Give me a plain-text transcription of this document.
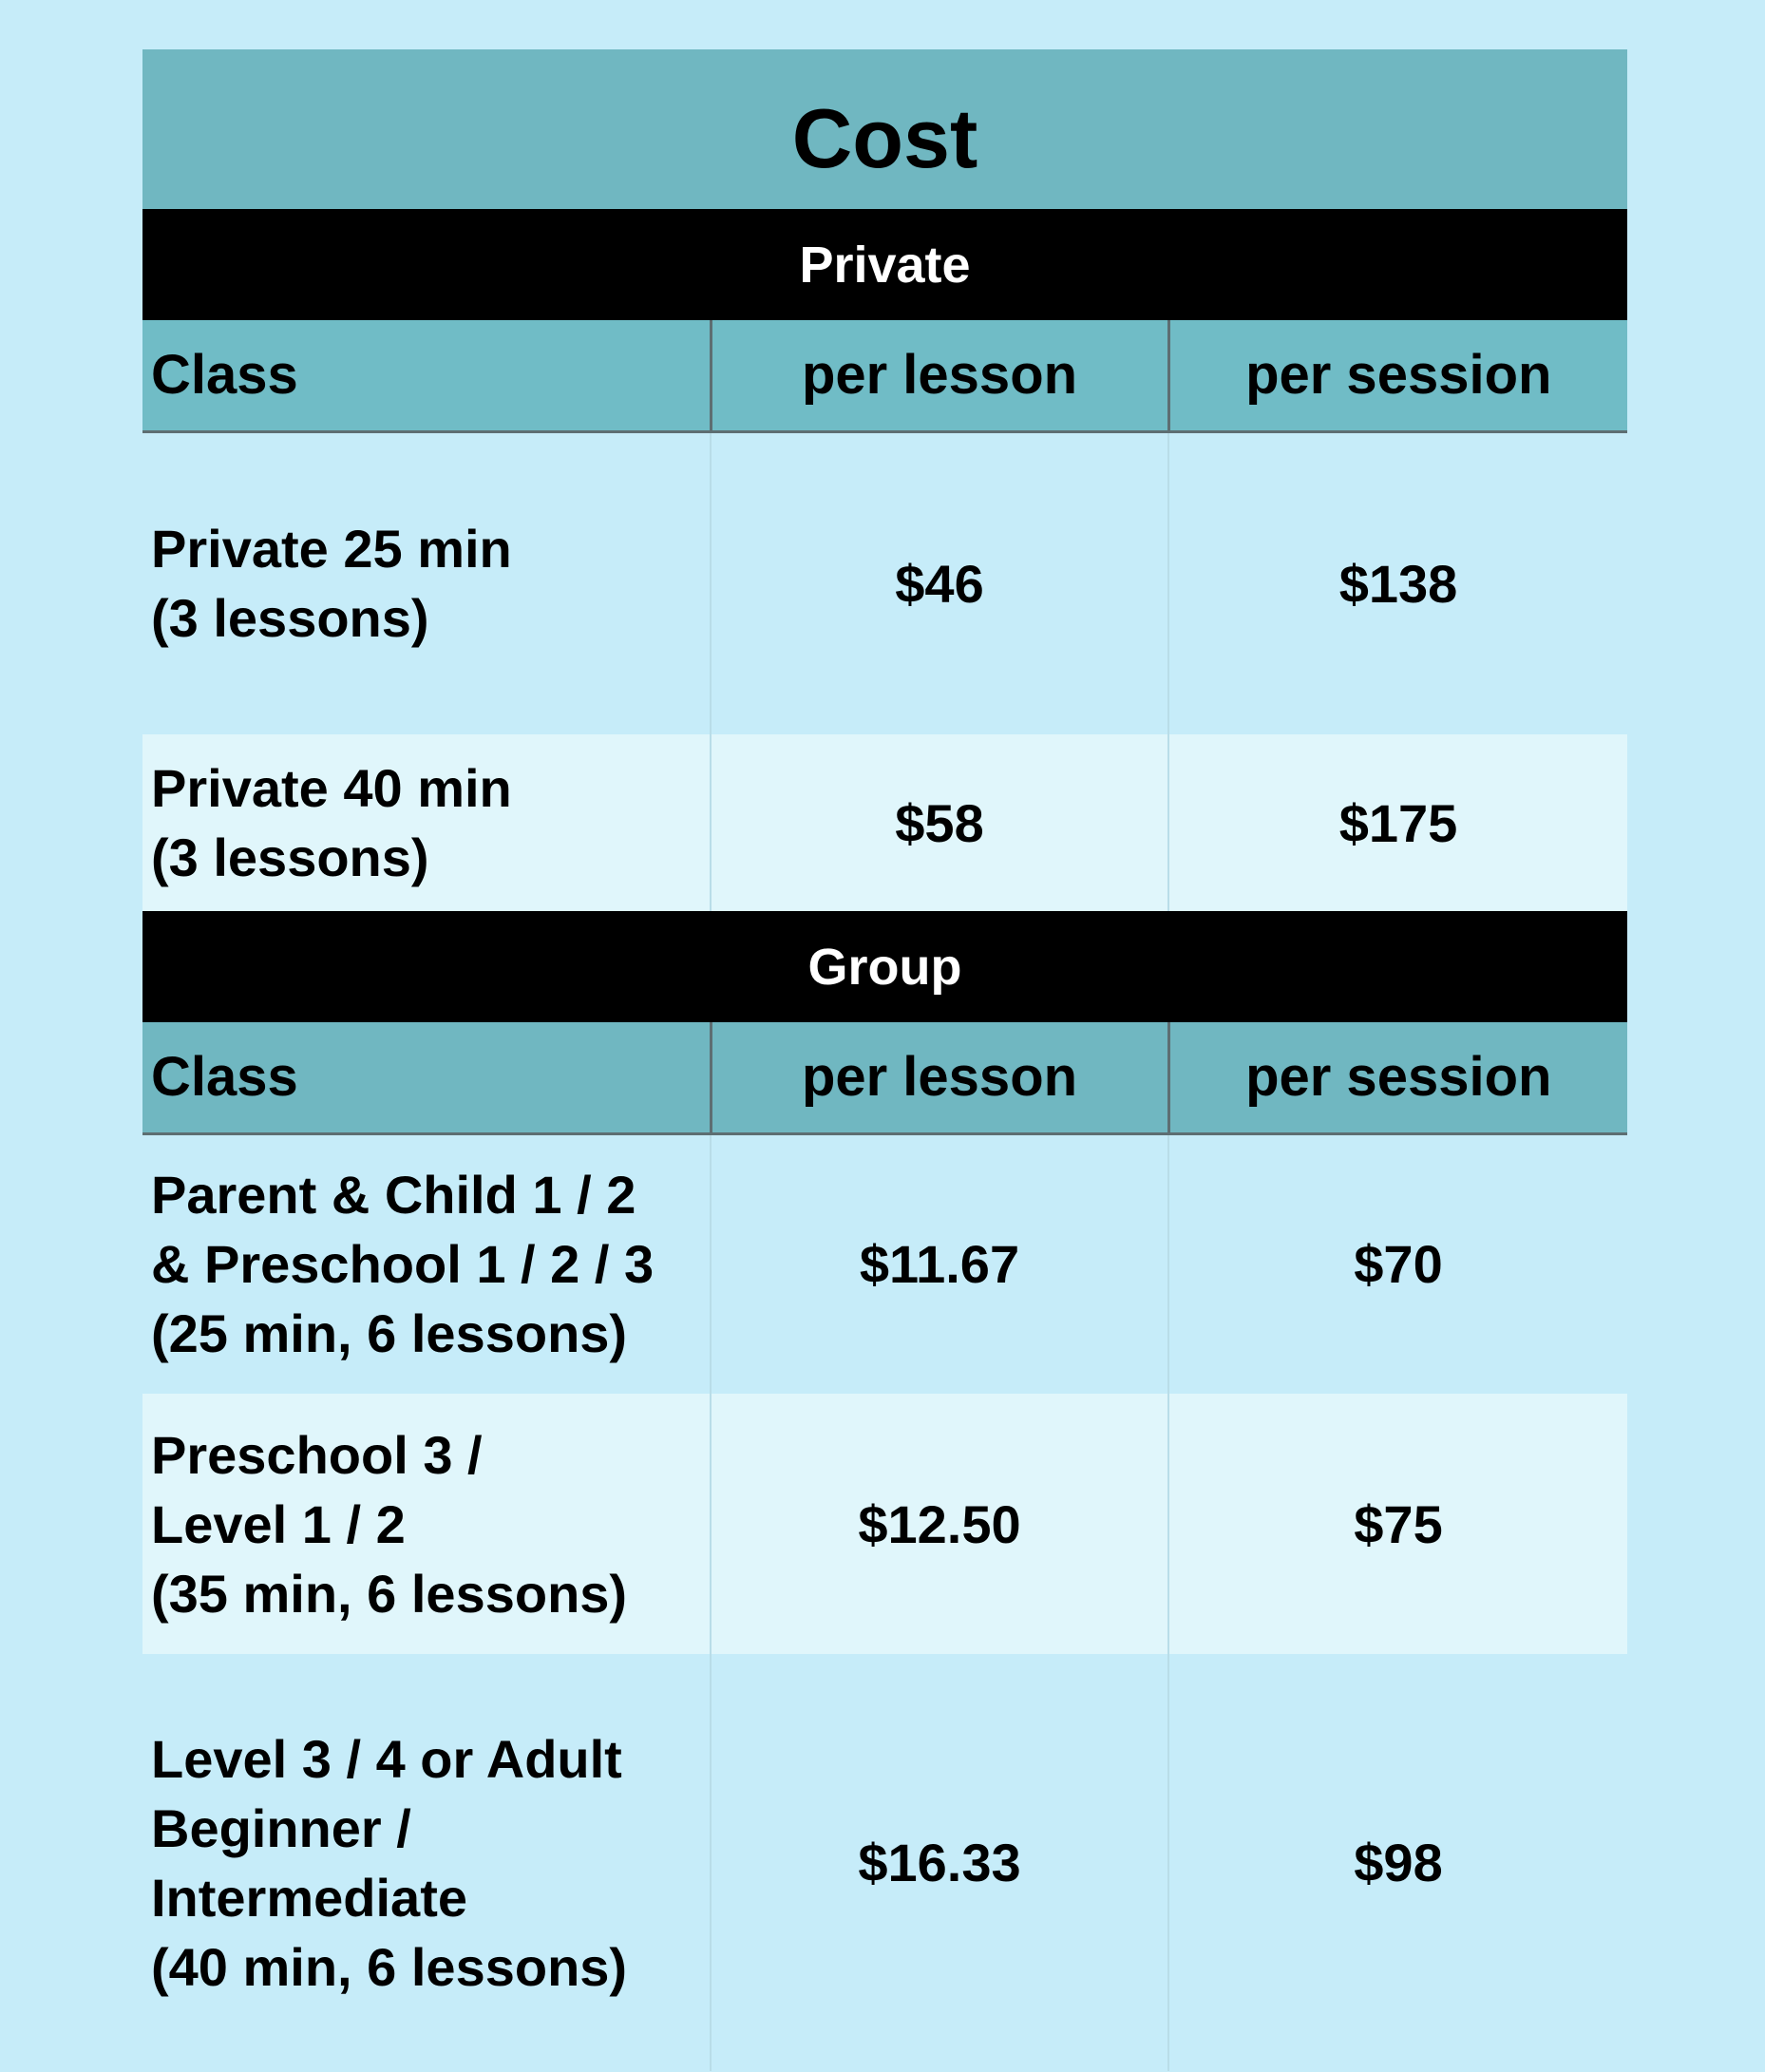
Cost		
Private		
Class	per lesson	per session

Private 25 min
(3 lessons)	$46	$138

Private 40 min
(3 lessons)	$58	$175
Group		
Class	per lesson	per session

Parent & Child 1 / 2
& Preschool 1 / 2 / 3
(25 min, 6 lessons)	$11.67	$70

Preschool 3 /
Level 1 / 2
(35 min, 6 lessons)	$12.50	$75

Level 3 / 4 or Adult
Beginner /
Intermediate
(40 min, 6 lessons)	$16.33	$98
